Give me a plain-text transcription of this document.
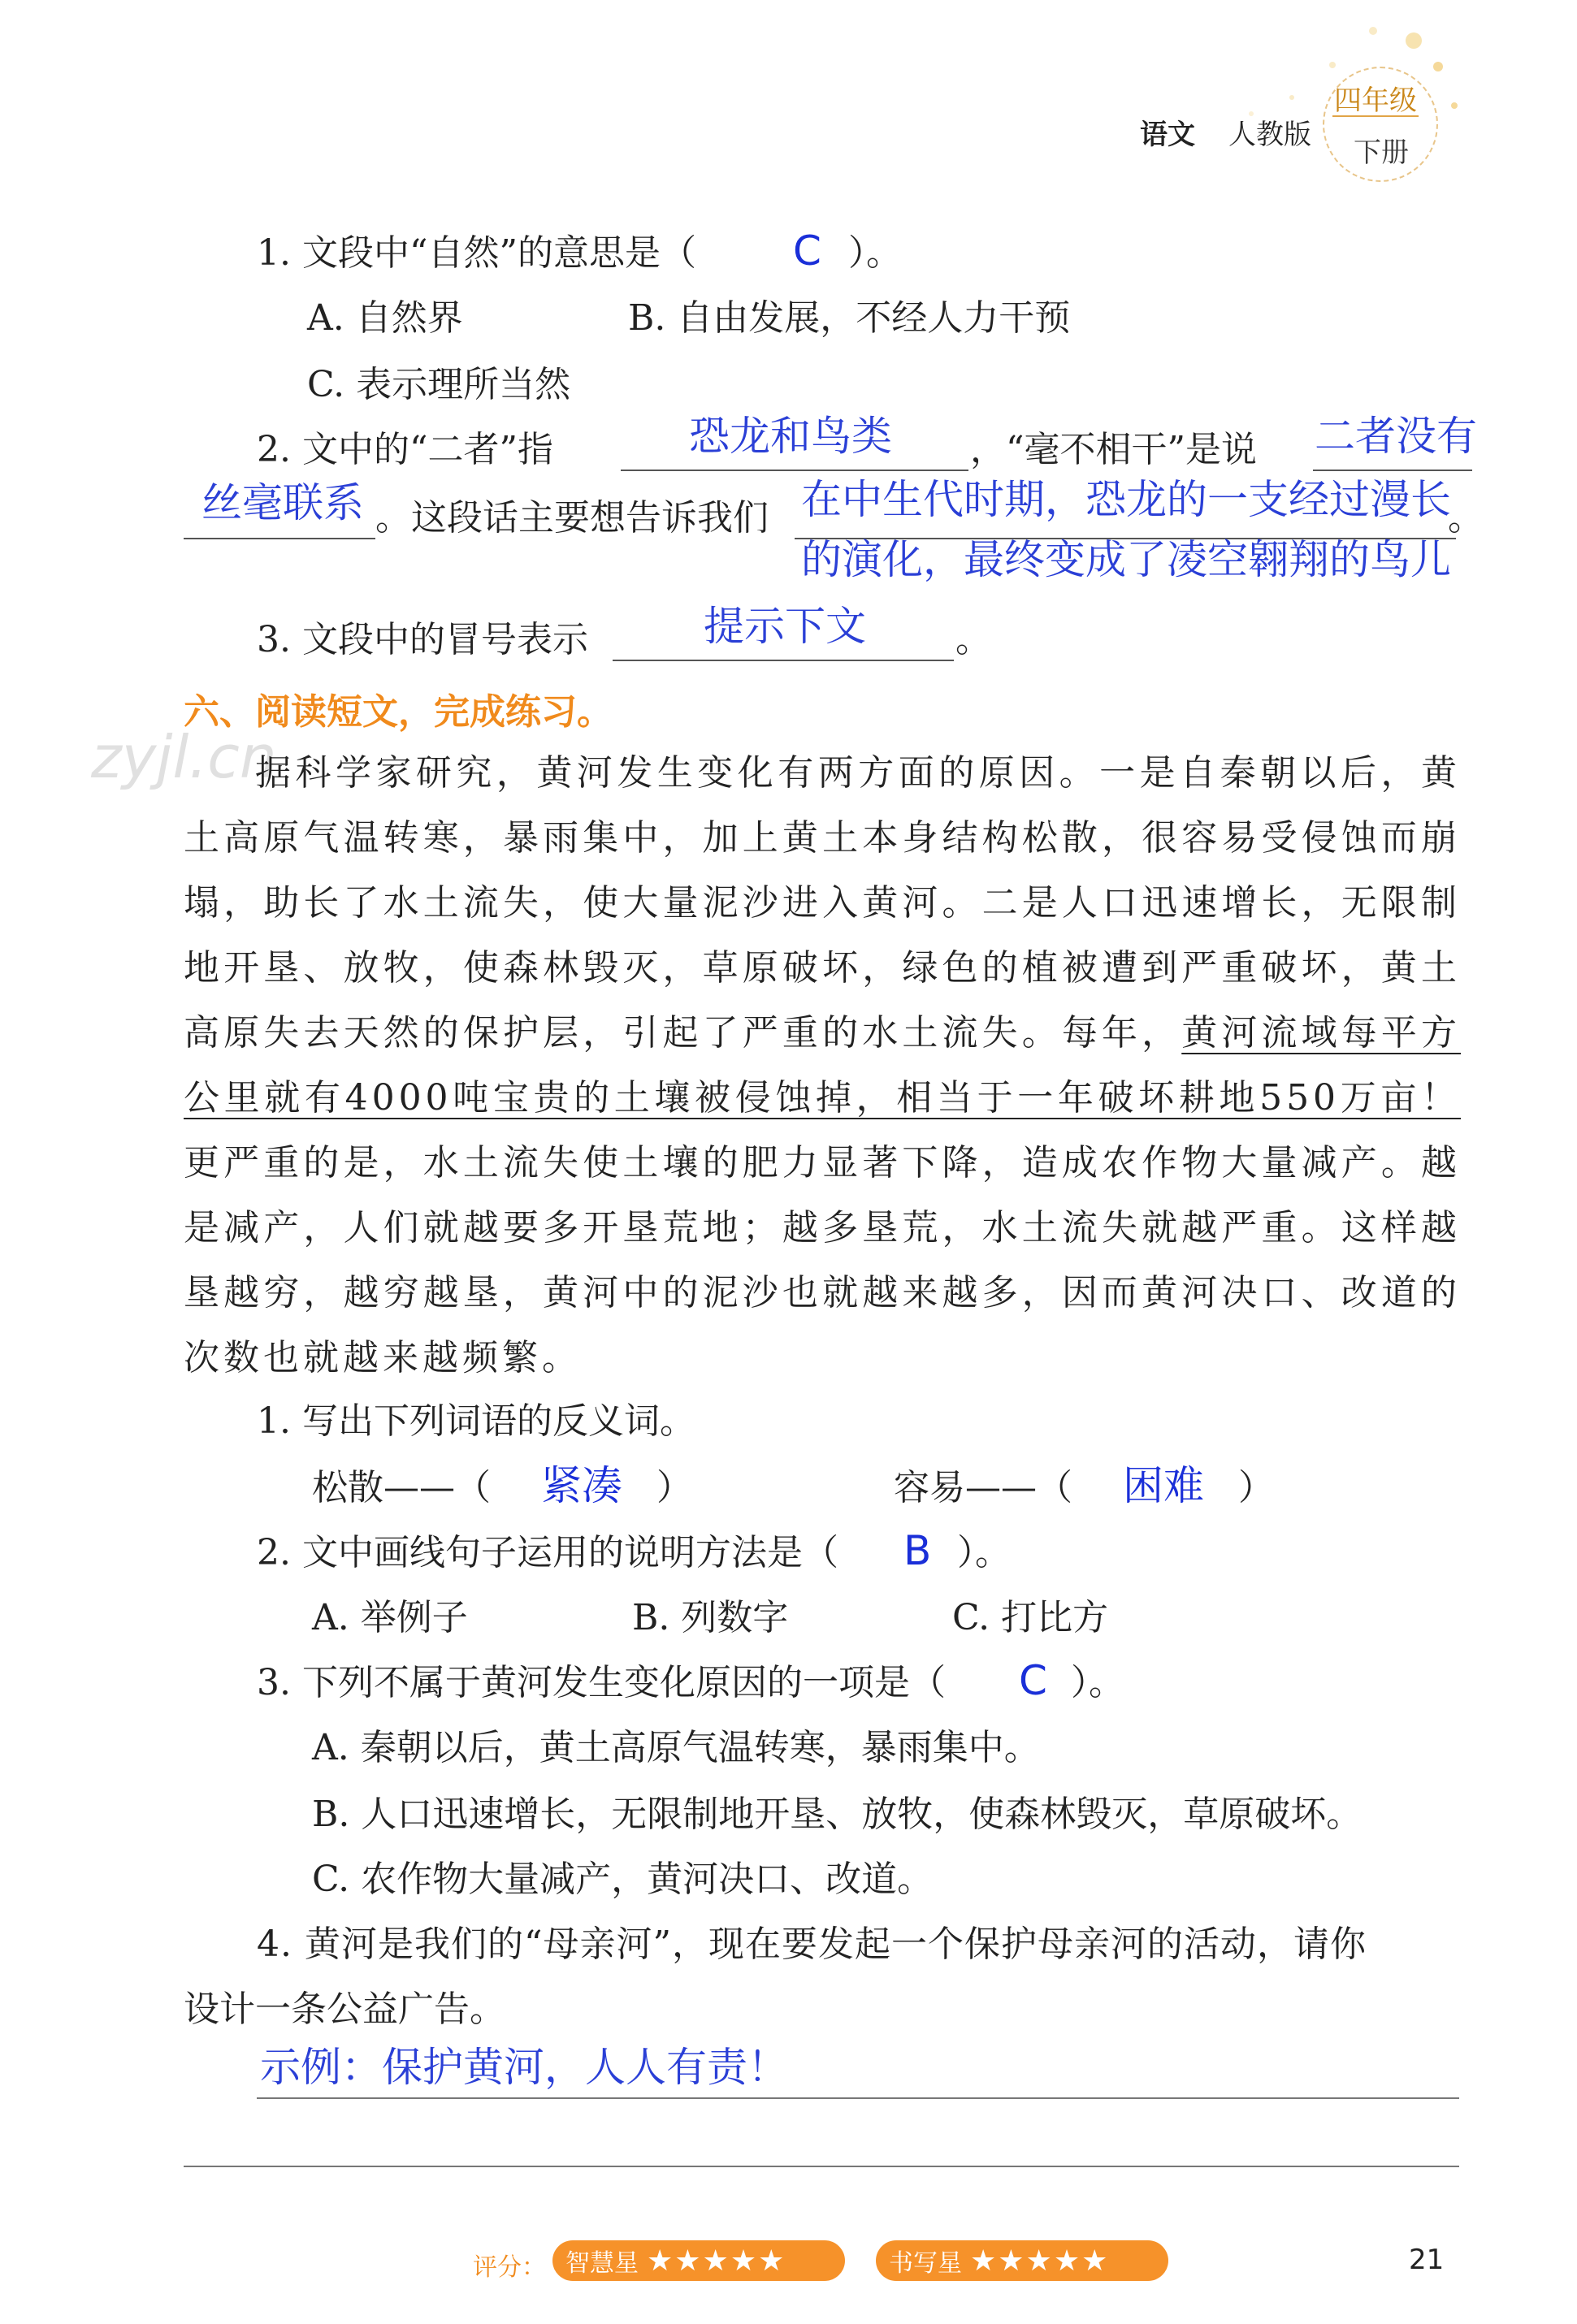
语文 人教版
四年级
下册
1. 文段中“自然”的意思是（ C ）。
A. 自然界	B. 自由发展，不经人力干预
C. 表示理所当然
2. 文中的“二者”指	恐龙和鸟类 ，“毫不相干”是说 二者没有
丝毫联系 。这段话主要想告诉我们 在中生代时期，恐龙的一支经过漫长
。
的演化，最终变成了凌空翱翔的鸟儿
3. 文段中的冒号表示	提示下文	。
六、阅读短文，完成练习。
zyjl.cn
据科学家研究，黄河发生变化有两方面的原因。一是自秦朝以后，黄土高原气温转寒，暴雨集中，加上黄土本身结构松散，很容易受侵蚀而崩塌，助长了水土流失，使大量泥沙进入黄河。二是人口迅速增长，无限制地开垦、放牧，使森林毁灭，草原破坏，绿色的植被遭到严重破坏，黄土高原失去天然的保护层，引起了严重的水土流失。每年，黄河流域每平方公里就有4000吨宝贵的土壤被侵蚀掉，相当于一年破坏耕地550万亩！更严重的是，水土流失使土壤的肥力显著下降，造成农作物大量减产。越是减产，人们就越要多开垦荒地；越多垦荒，水土流失就越严重。这样越垦越穷，越穷越垦，黄河中的泥沙也就越来越多，因而黄河决口、改道的次数也就越来越频繁。
1. 写出下列词语的反义词。
松散——（ 紧凑 ）	容易——（ 困难 ）
2. 文中画线句子运用的说明方法是（ B ）。
A. 举例子	B. 列数字	C. 打比方
3. 下列不属于黄河发生变化原因的一项是（ C ）。
A. 秦朝以后，黄土高原气温转寒，暴雨集中。
B. 人口迅速增长，无限制地开垦、放牧，使森林毁灭，草原破坏。
C. 农作物大量减产，黄河决口、改道。
4. 黄河是我们的“母亲河”，现在要发起一个保护母亲河的活动，请你
设计一条公益广告。
示例：保护黄河，人人有责！
评分： 智慧星 ★★★★★	书写星 ★★★★★	21
